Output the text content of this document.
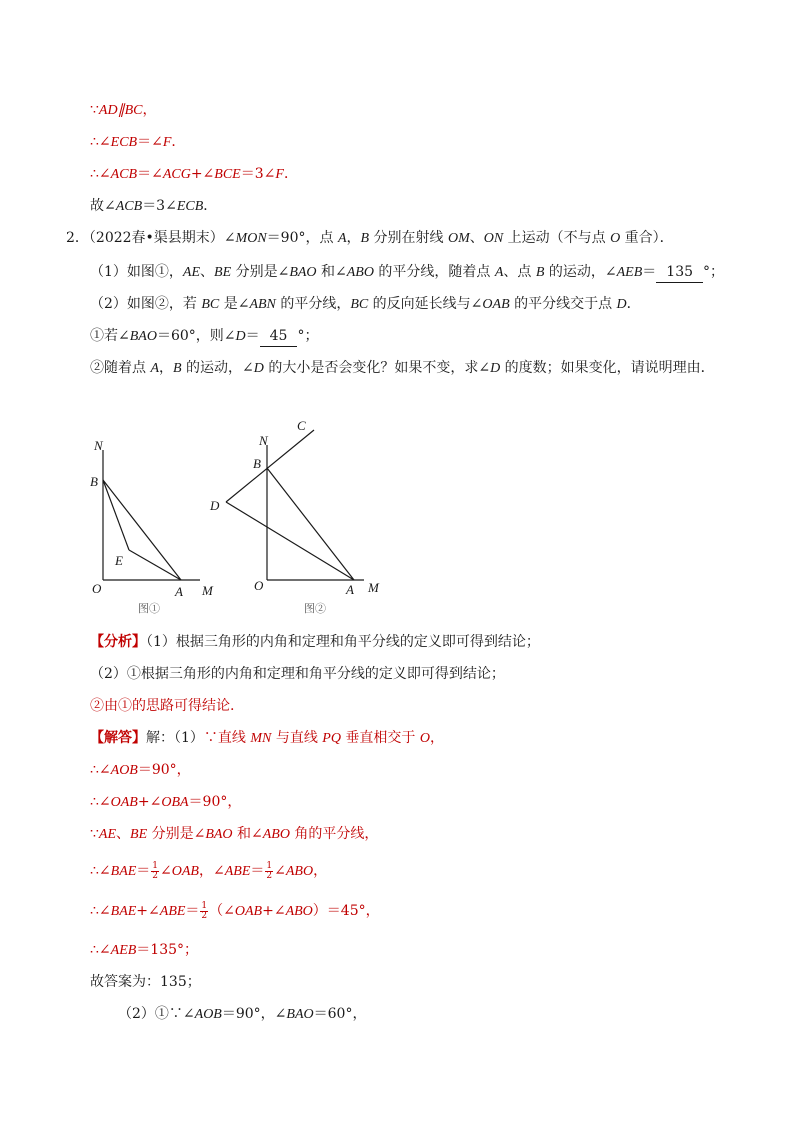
∵AD∥BC，
∴∠ECB＝∠F．
∴∠ACB＝∠ACG+∠BCE＝3∠F．
故∠ACB＝3∠ECB．
2．（2022春•渠县期末）∠MON＝90°，点 A，B 分别在射线 OM、ON 上运动（不与点 O 重合）．
（1）如图①，AE、BE 分别是∠BAO 和∠ABO 的平分线，随着点 A、点 B 的运动，∠AEB＝ 135 °；
（2）如图②，若 BC 是∠ABN 的平分线，BC 的反向延长线与∠OAB 的平分线交于点 D．
①若∠BAO＝60°，则∠D＝ 45 °；
②随着点 A，B 的运动，∠D 的大小是否会变化？如果不变，求∠D 的度数；如果变化，请说明理由．
N
B
E
O	A M
图①
C
N
B
D
O	A M
图②
【分析】（1）根据三角形的内角和定理和角平分线的定义即可得到结论；
（2）①根据三角形的内角和定理和角平分线的定义即可得到结论；
②由①的思路可得结论.
【解答】解：（1）∵直线 MN 与直线 PQ 垂直相交于 O，
∴∠AOB＝90°，
∴∠OAB+∠OBA＝90°，
∵AE、BE 分别是∠BAO 和∠ABO 角的平分线，
∴∠BAE＝ $\frac{1}{2}$ ∠OAB，∠ABE＝ $\frac{1}{2}$ ∠ABO，
∴∠BAE+∠ABE＝ $\frac{1}{2}$ （∠OAB+∠ABO）＝45°，
∴∠AEB＝135°；
故答案为：135；
（2）①∵∠AOB＝90°，∠BAO＝60°，
